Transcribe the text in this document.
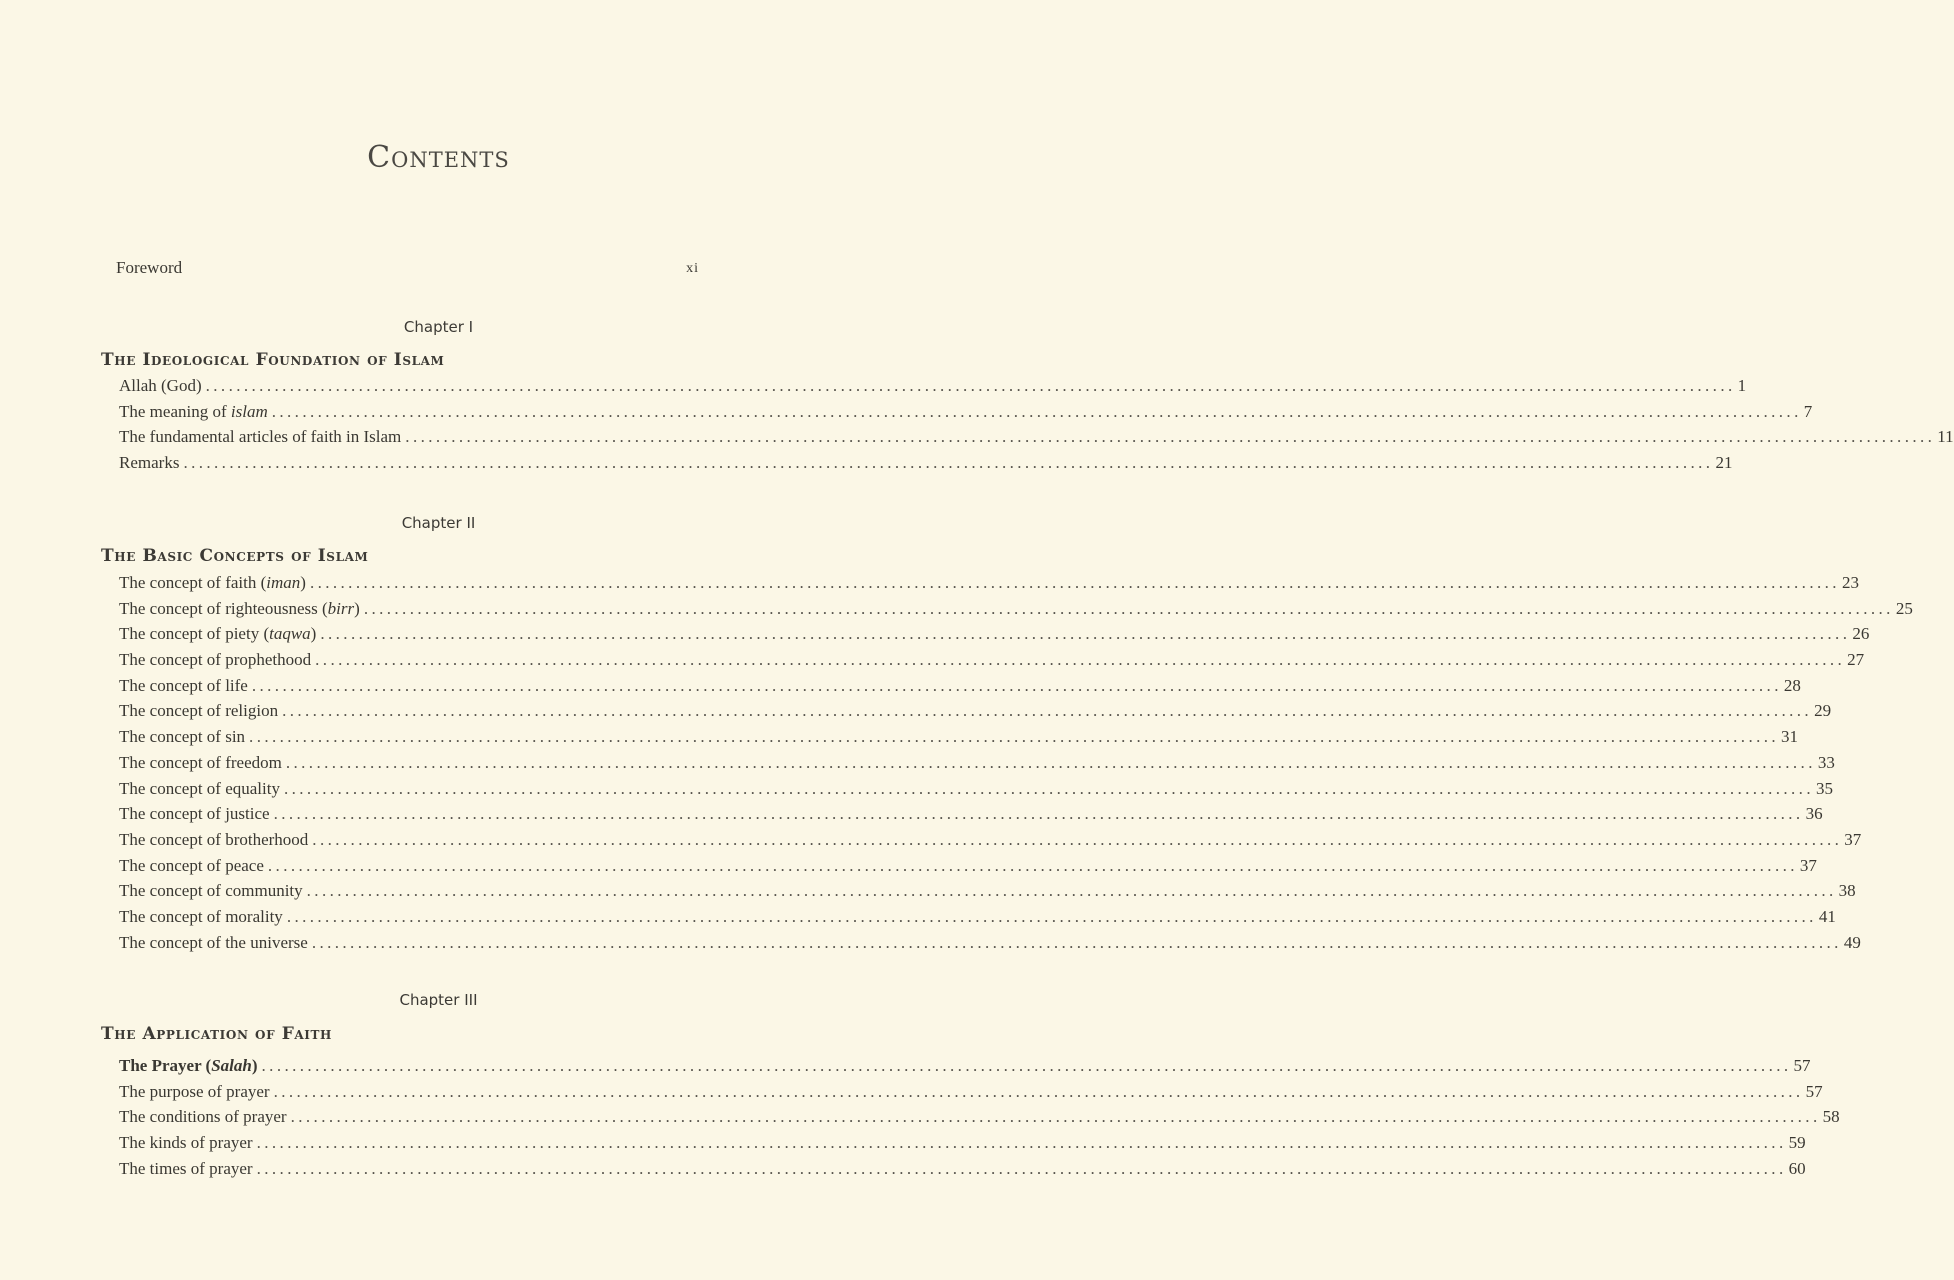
Contents
Foreword	xi
Chapter I
The Ideological Foundation of Islam
Allah (God) ........................................................................................................................................................................................................ 1
The meaning of islam ........................................................................................................................................................................................................ 7
The fundamental articles of faith in Islam ........................................................................................................................................................................................................ 11
Remarks ........................................................................................................................................................................................................ 21
Chapter II
The Basic Concepts of Islam
The concept of faith (iman) ........................................................................................................................................................................................................ 23
The concept of righteousness (birr) ........................................................................................................................................................................................................ 25
The concept of piety (taqwa) ........................................................................................................................................................................................................ 26
The concept of prophethood ........................................................................................................................................................................................................ 27
The concept of life ........................................................................................................................................................................................................ 28
The concept of religion ........................................................................................................................................................................................................ 29
The concept of sin ........................................................................................................................................................................................................ 31
The concept of freedom ........................................................................................................................................................................................................ 33
The concept of equality ........................................................................................................................................................................................................ 35
The concept of justice ........................................................................................................................................................................................................ 36
The concept of brotherhood ........................................................................................................................................................................................................ 37
The concept of peace ........................................................................................................................................................................................................ 37
The concept of community ........................................................................................................................................................................................................ 38
The concept of morality ........................................................................................................................................................................................................ 41
The concept of the universe ........................................................................................................................................................................................................ 49
Chapter III
The Application of Faith
The Prayer (Salah) ........................................................................................................................................................................................................ 57
The purpose of prayer ........................................................................................................................................................................................................ 57
The conditions of prayer ........................................................................................................................................................................................................ 58
The kinds of prayer ........................................................................................................................................................................................................ 59
The times of prayer ........................................................................................................................................................................................................ 60
